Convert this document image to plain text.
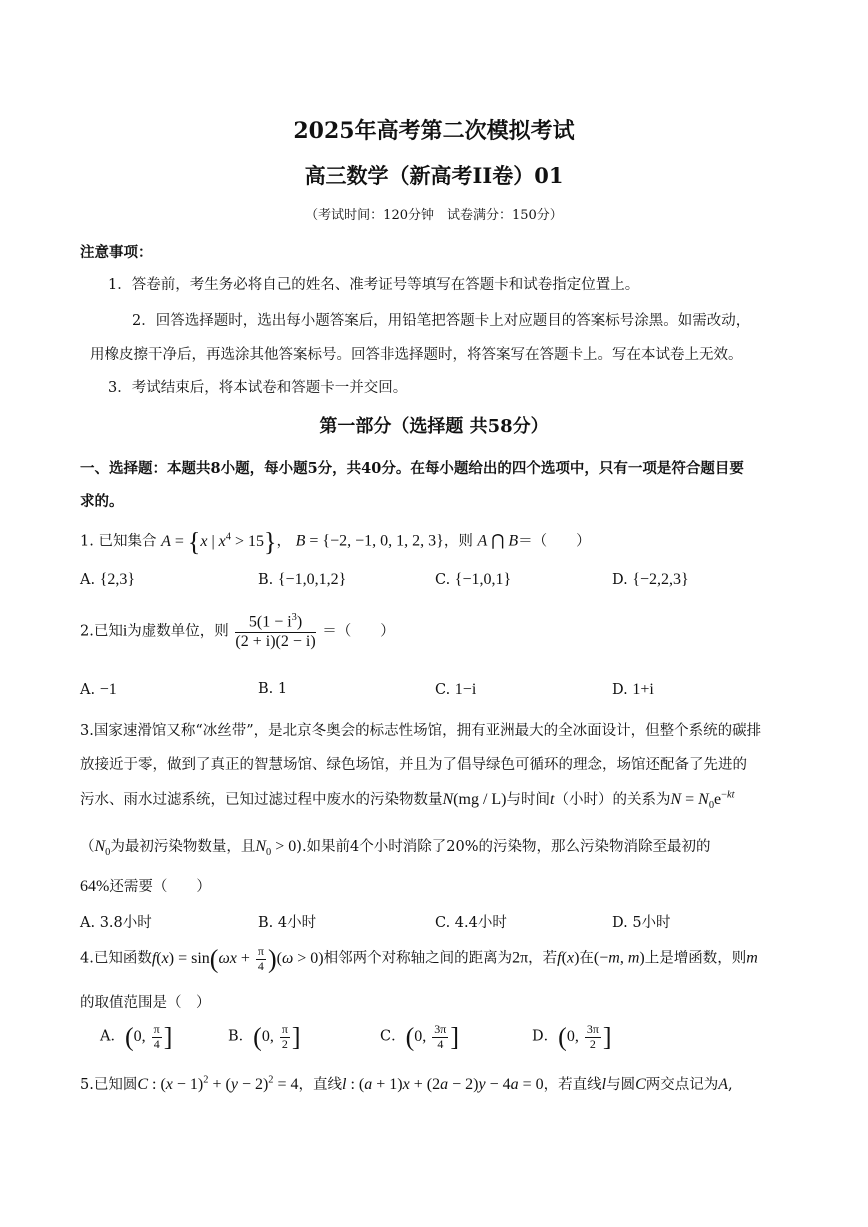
2025年高考第二次模拟考试
高三数学（新高考II卷）01
（考试时间：120分钟　试卷满分：150分）
注意事项：
1．答卷前，考生务必将自己的姓名、准考证号等填写在答题卡和试卷指定位置上。
2．回答选择题时，选出每小题答案后，用铅笔把答题卡上对应题目的答案标号涂黑。如需改动，
用橡皮擦干净后，再选涂其他答案标号。回答非选择题时，将答案写在答题卡上。写在本试卷上无效。
3．考试结束后，将本试卷和答题卡一并交回。
第一部分（选择题 共58分）
一、选择题：本题共8小题，每小题5分，共40分。在每小题给出的四个选项中，只有一项是符合题目要
求的。
1. 已知集合 A = {x | $x^4 > 15$}， B = {−2, −1, 0, 1, 2, 3}，则 A ⋂ B＝（　　）
A. {2,3}	B. {−1,0,1,2}	C. {−1,0,1}	D. {−2,2,3}
2.已知i为虚数单位，则 $\frac{5(1 - i^3)}{(2 + i)(2 - i)}$ ＝（　　）
A. −1	B. 1	C. 1−i	D. 1+i
3.国家速滑馆又称“冰丝带”，是北京冬奥会的标志性场馆，拥有亚洲最大的全冰面设计，但整个系统的碳排
放接近于零，做到了真正的智慧场馆、绿色场馆，并且为了倡导绿色可循环的理念，场馆还配备了先进的
污水、雨水过滤系统，已知过滤过程中废水的污染物数量N(mg / L)与时间t（小时）的关系为$N = N_0e^{-kt}$
（$N_0$为最初污染物数量，且$N_0 > 0$).如果前4个小时消除了20%的污染物，那么污染物消除至最初的
64%还需要（　　）
A. 3.8小时	B. 4小时	C. 4.4小时	D. 5小时
4.已知函数$f(x) = \sin(\omega x + \frac{\pi}{4} )(\omega > 0)$相邻两个对称轴之间的距离为2π，若f(x)在(−m, m)上是增函数，则m
的取值范围是（　）
A．(0, $\frac{\pi}{4}$ ]	B．(0, $\frac{\pi}{2}$ ]	C．(0, $\frac{3\pi}{4}$ ]	D．(0, $\frac{3\pi}{2}$ ]
5.已知圆C : $(x - 1)^2 + (y - 2)^2 = 4$，直线l : (a + 1)x + (2a − 2)y − 4a = 0，若直线l与圆C两交点记为A,
